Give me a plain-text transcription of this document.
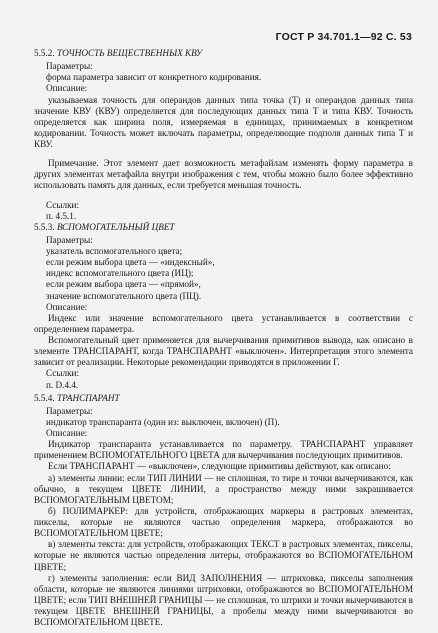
ГОСТ Р 34.701.1—92 С. 53

5.5.2. ТОЧНОСТЬ ВЕЩЕСТВЕННЫХ КВУ

Параметры:

форма параметра зависит от конкретного кодирования.

Описание:

указываемая точность для операндов данных типа точка (Т) и операндов данных типа значение КВУ (КВУ) определяется для последующих данных типа Т и типа КВУ. Точность определяется как ширина поля, измеряемая в единицах, принимаемых в конкретном кодировании. Точность может включать параметры, определяющие подполя данных типа Т и КВУ.

Примечание. Этот элемент дает возможность метафайлам изменять форму параметра в других элементах метафайла внутри изображения с тем, чтобы можно было более эффективно использовать память для данных, если требуется меньшая точность.

Ссылки:

п. 4.5.1.

5.5.3. ВСПОМОГАТЕЛЬНЫЙ ЦВЕТ

Параметры:

указатель вспомогательного цвета;

если режим выбора цвета — «индексный»,

индекс вспомогательного цвета (ИЦ);

если режим выбора цвета — «прямой»,

значение вспомогательного цвета (ПЦ).

Описание:

Индекс или значение вспомогательного цвета устанавливается в соответствии с определением параметра.

Вспомогательный цвет применяется для вычерчивания примитивов вывода, как описано в элементе ТРАНСПАРАНТ, когда ТРАНСПАРАНТ «выключен». Интерпретация этого элемента зависит от реализации. Некоторые рекомендации приводятся в приложении Г.

Ссылки:

п. D.4.4.

5.5.4. ТРАНСПАРАНТ

Параметры:

индикатор транспаранта (один из: выключен, включен) (П).

Описание:

Индикатор транспаранта устанавливается по параметру. ТРАНСПАРАНТ управляет применением ВСПОМОГАТЕЛЬНОГО ЦВЕТА для вычерчивания последующих примитивов.

Если ТРАНСПАРАНТ — «выключен», следующие примитивы действуют, как описано:

а) элементы линии: если ТИП ЛИНИИ — не сплошная, то тире и точки вычерчиваются, как обычно, в текущем ЦВЕТЕ ЛИНИИ, а пространство между ними закрашивается ВСПОМОГАТЕЛЬНЫМ ЦВЕТОМ;

б) ПОЛИМАРКЕР: для устройств, отображающих маркеры в растровых элементах, пикселы, которые не являются частью определения маркера, отображаются во ВСПОМОГАТЕЛЬНОМ ЦВЕТЕ;

в) элементы текста: для устройств, отображающих ТЕКСТ в растровых элементах, пикселы, которые не являются частью определения литеры, отображаются во ВСПОМОГАТЕЛЬНОМ ЦВЕТЕ;

г) элементы заполнения: если ВИД ЗАПОЛНЕНИЯ — штриховка, пикселы заполнения области, которые не являются линиями штриховки, отображаются во ВСПОМОГАТЕЛЬНОМ ЦВЕТЕ; если ТИП ВНЕШНЕЙ ГРАНИЦЫ — не сплошная, то штрихи и точки вычерчиваются в текущем ЦВЕТЕ ВНЕШНЕЙ ГРАНИЦЫ, а пробелы между ними вычерчиваются во ВСПОМОГАТЕЛЬНОМ ЦВЕТЕ.
